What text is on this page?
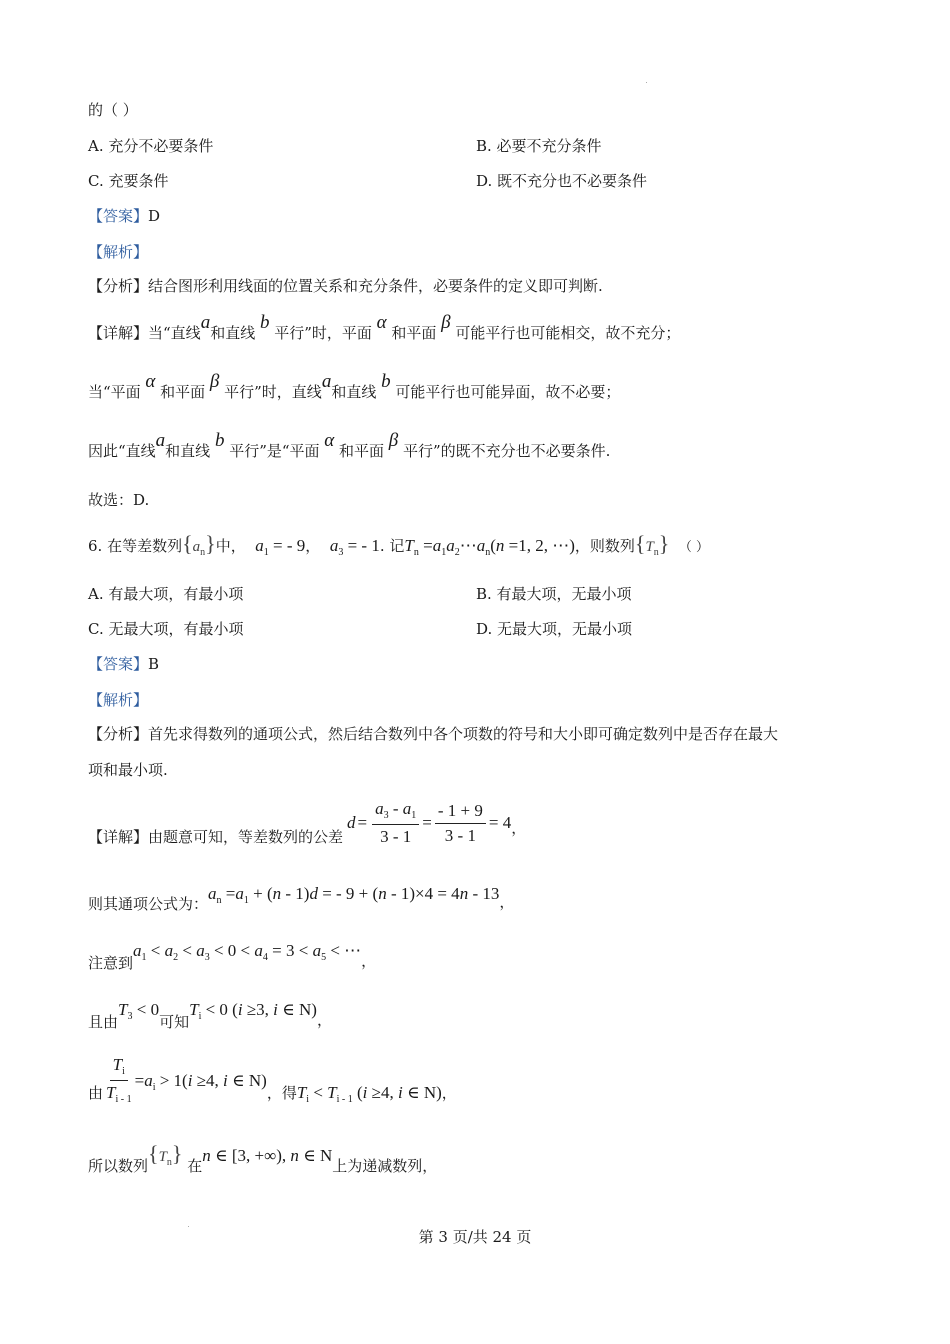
的（ ）
A. 充分不必要条件	B. 必要不充分条件
C. 充要条件	D. 既不充分也不必要条件
【答案】D
【解析】
【分析】结合图形利用线面的位置关系和充分条件，必要条件的定义即可判断.
【详解】当“直线a和直线 b 平行”时，平面 α 和平面 β 可能平行也可能相交，故不充分；
当“平面 α 和平面 β 平行”时，直线a和直线 b 可能平行也可能异面，故不必要；
因此“直线a和直线 b 平行”是“平面 α 和平面 β 平行”的既不充分也不必要条件.
故选：D.
6. 在等差数列$\{a_n\}$中， $a_1$ = - 9， $a_3$ = - 1. 记$T_n$ $=a_1a_2\cdots a_n(n =1$, 2, ⋯)，则数列$\{T_n\}$ （ ）
A. 有最大项，有最小项	B. 有最大项，无最小项
C. 无最大项，有最小项	D. 无最大项，无最小项
【答案】B
【解析】
【分析】首先求得数列的通项公式，然后结合数列中各个项数的符号和大小即可确定数列中是否存在最大
项和最小项.
【详解】由题意可知，等差数列的公差
$d = \frac{a_3 - a_1}{3 - 1} = \frac{- 1 + 9}{3 - 1} = 4$ ，
则其通项公式为：$a_n =a_1 + (n - 1)d$ = - 9 + (n - 1)×4 = 4n - 13，
注意到$a_1 < a_2 < a_3 < 0 < a_4 = 3 < a_5$ < ⋯，
且由$T_3 < 0$可知$T_i < 0$ (i ≥3, i ∈ N)，
由 $\frac{T_i}{T_{i - 1}} =a_i > 1(i \ge 4$, i ∈ N)
，得 $T_i < T_{i - 1}$ (i ≥4, i ∈ N) ，
所以数列$\{T_n\}$ 在n ∈ [3, +∞), n ∈ N上为递减数列，
第 3 页/共 24 页
